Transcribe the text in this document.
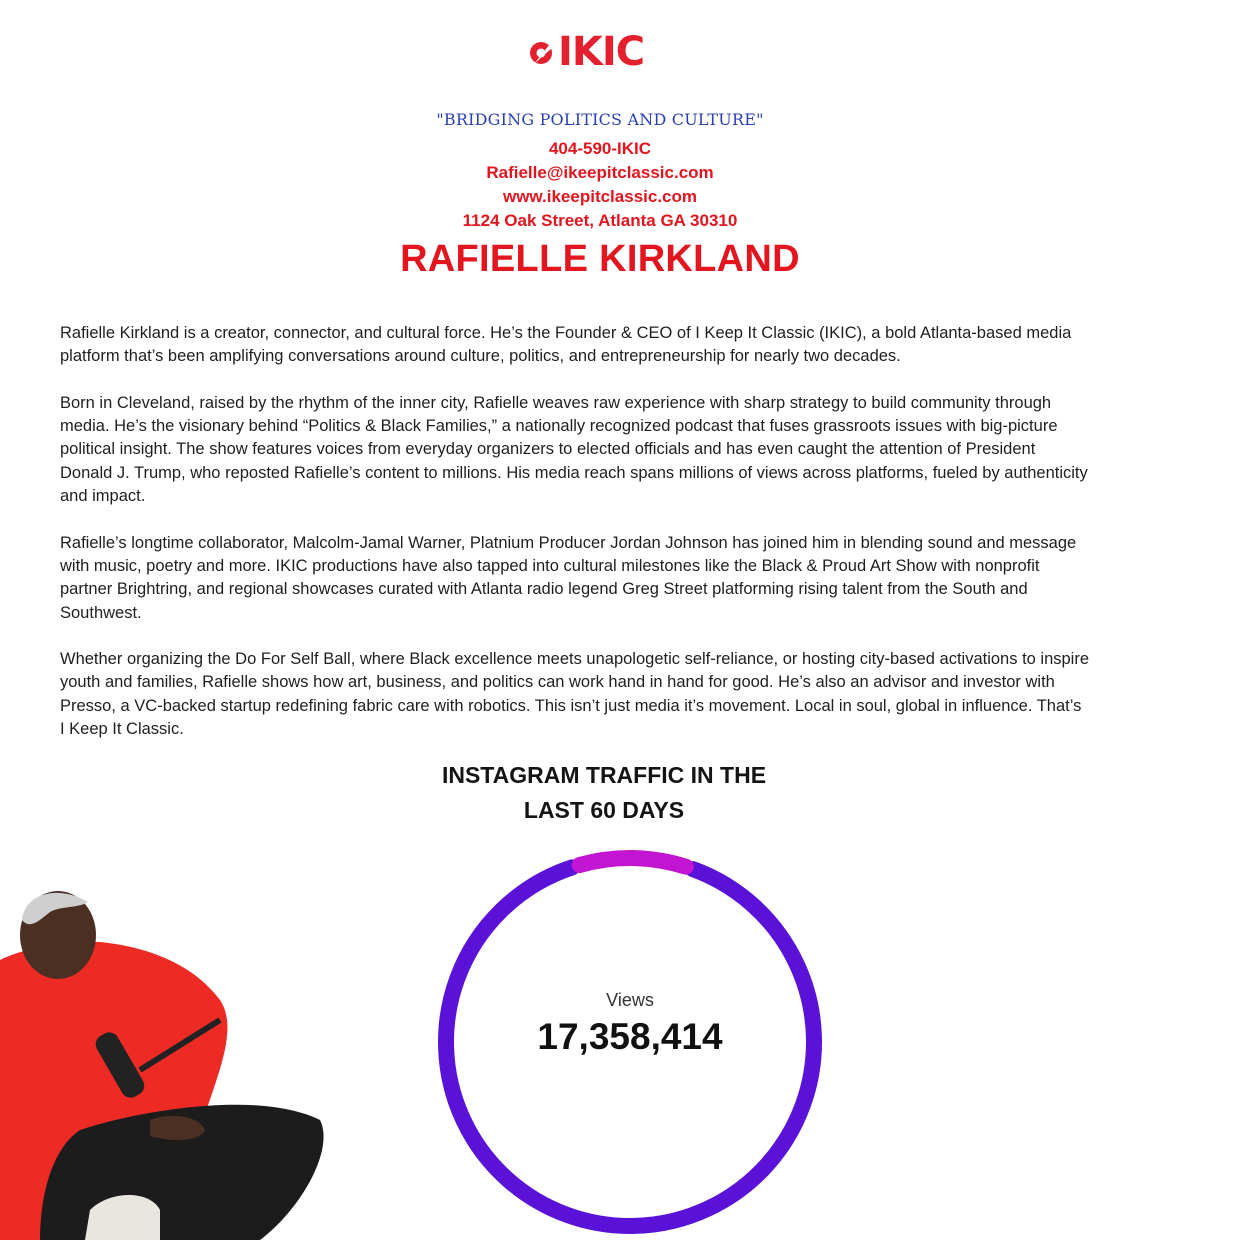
IKIC
"BRIDGING POLITICS AND CULTURE"
404-590-IKIC
Rafielle@ikeepitclassic.com
www.ikeepitclassic.com
1124 Oak Street, Atlanta GA 30310
RAFIELLE KIRKLAND

Rafielle Kirkland is a creator, connector, and cultural force. He’s the Founder & CEO of I Keep It Classic (IKIC), a bold Atlanta-based media platform that’s been amplifying conversations around culture, politics, and entrepreneurship for nearly two decades.

Born in Cleveland, raised by the rhythm of the inner city, Rafielle weaves raw experience with sharp strategy to build community through media. He’s the visionary behind “Politics & Black Families,” a nationally recognized podcast that fuses grassroots issues with big-picture political insight. The show features voices from everyday organizers to elected officials and has even caught the attention of President Donald J. Trump, who reposted Rafielle’s content to millions. His media reach spans millions of views across platforms, fueled by authenticity and impact.

Rafielle’s longtime collaborator, Malcolm-Jamal Warner, Platnium Producer Jordan Johnson has joined him in blending sound and message with music, poetry and more. IKIC productions have also tapped into cultural milestones like the Black & Proud Art Show with nonprofit partner Brightring, and regional showcases curated with Atlanta radio legend Greg Street platforming rising talent from the South and Southwest.

Whether organizing the Do For Self Ball, where Black excellence meets unapologetic self-reliance, or hosting city-based activations to inspire youth and families, Rafielle shows how art, business, and politics can work hand in hand for good. He’s also an advisor and investor with Presso, a VC-backed startup redefining fabric care with robotics. This isn’t just media it’s movement. Local in soul, global in influence. That’s I Keep It Classic.

INSTAGRAM TRAFFIC IN THE
LAST 60 DAYS
Views
17,358,414
